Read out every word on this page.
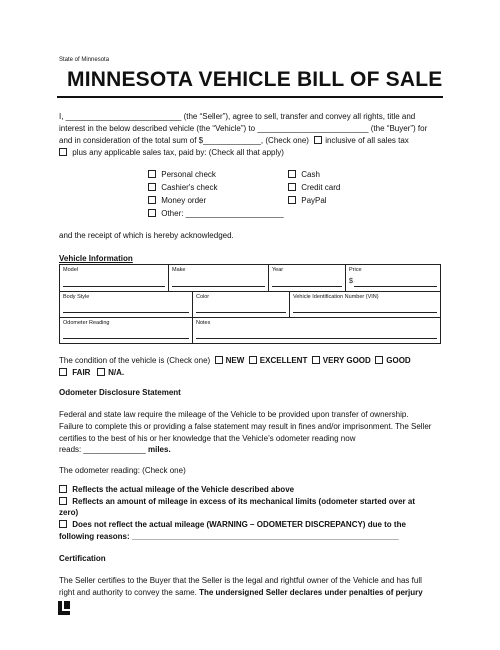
State of Minnesota
MINNESOTA VEHICLE BILL OF SALE
I, __________________________ (the “Seller”), agree to sell, transfer and convey all rights, title and
interest in the below described vehicle (the “Vehicle”) to _________________________ (the “Buyer”) for
and in consideration of the total sum of $_____________, (Check one) inclusive of all sales tax
plus any applicable sales tax, paid by: (Check all that apply)
Personal check
Cashier's check
Money order
Other: ______________________
Cash
Credit card
PayPal
and the receipt of which is hereby acknowledged.
Vehicle Information
Model	Make	Year	Price
$
Body Style	Color	Vehicle Identification Number (VIN)
Odometer Reading	Notes
The condition of the vehicle is (Check one) NEW EXCELLENT VERY GOOD GOOD
FAIR N/A.
Odometer Disclosure Statement
Federal and state law require the mileage of the Vehicle to be provided upon transfer of ownership.
Failure to complete this or providing a false statement may result in fines and/or imprisonment. The Seller
certifies to the best of his or her knowledge that the Vehicle’s odometer reading now
reads: ______________ miles.
The odometer reading: (Check one)
Reflects the actual mileage of the Vehicle described above
Reflects an amount of mileage in excess of its mechanical limits (odometer started over at
zero)
Does not reflect the actual mileage (WARNING – ODOMETER DISCREPANCY) due to the
following reasons: ____________________________________________________________
Certification
The Seller certifies to the Buyer that the Seller is the legal and rightful owner of the Vehicle and has full
right and authority to convey the same. The undersigned Seller declares under penalties of perjury
